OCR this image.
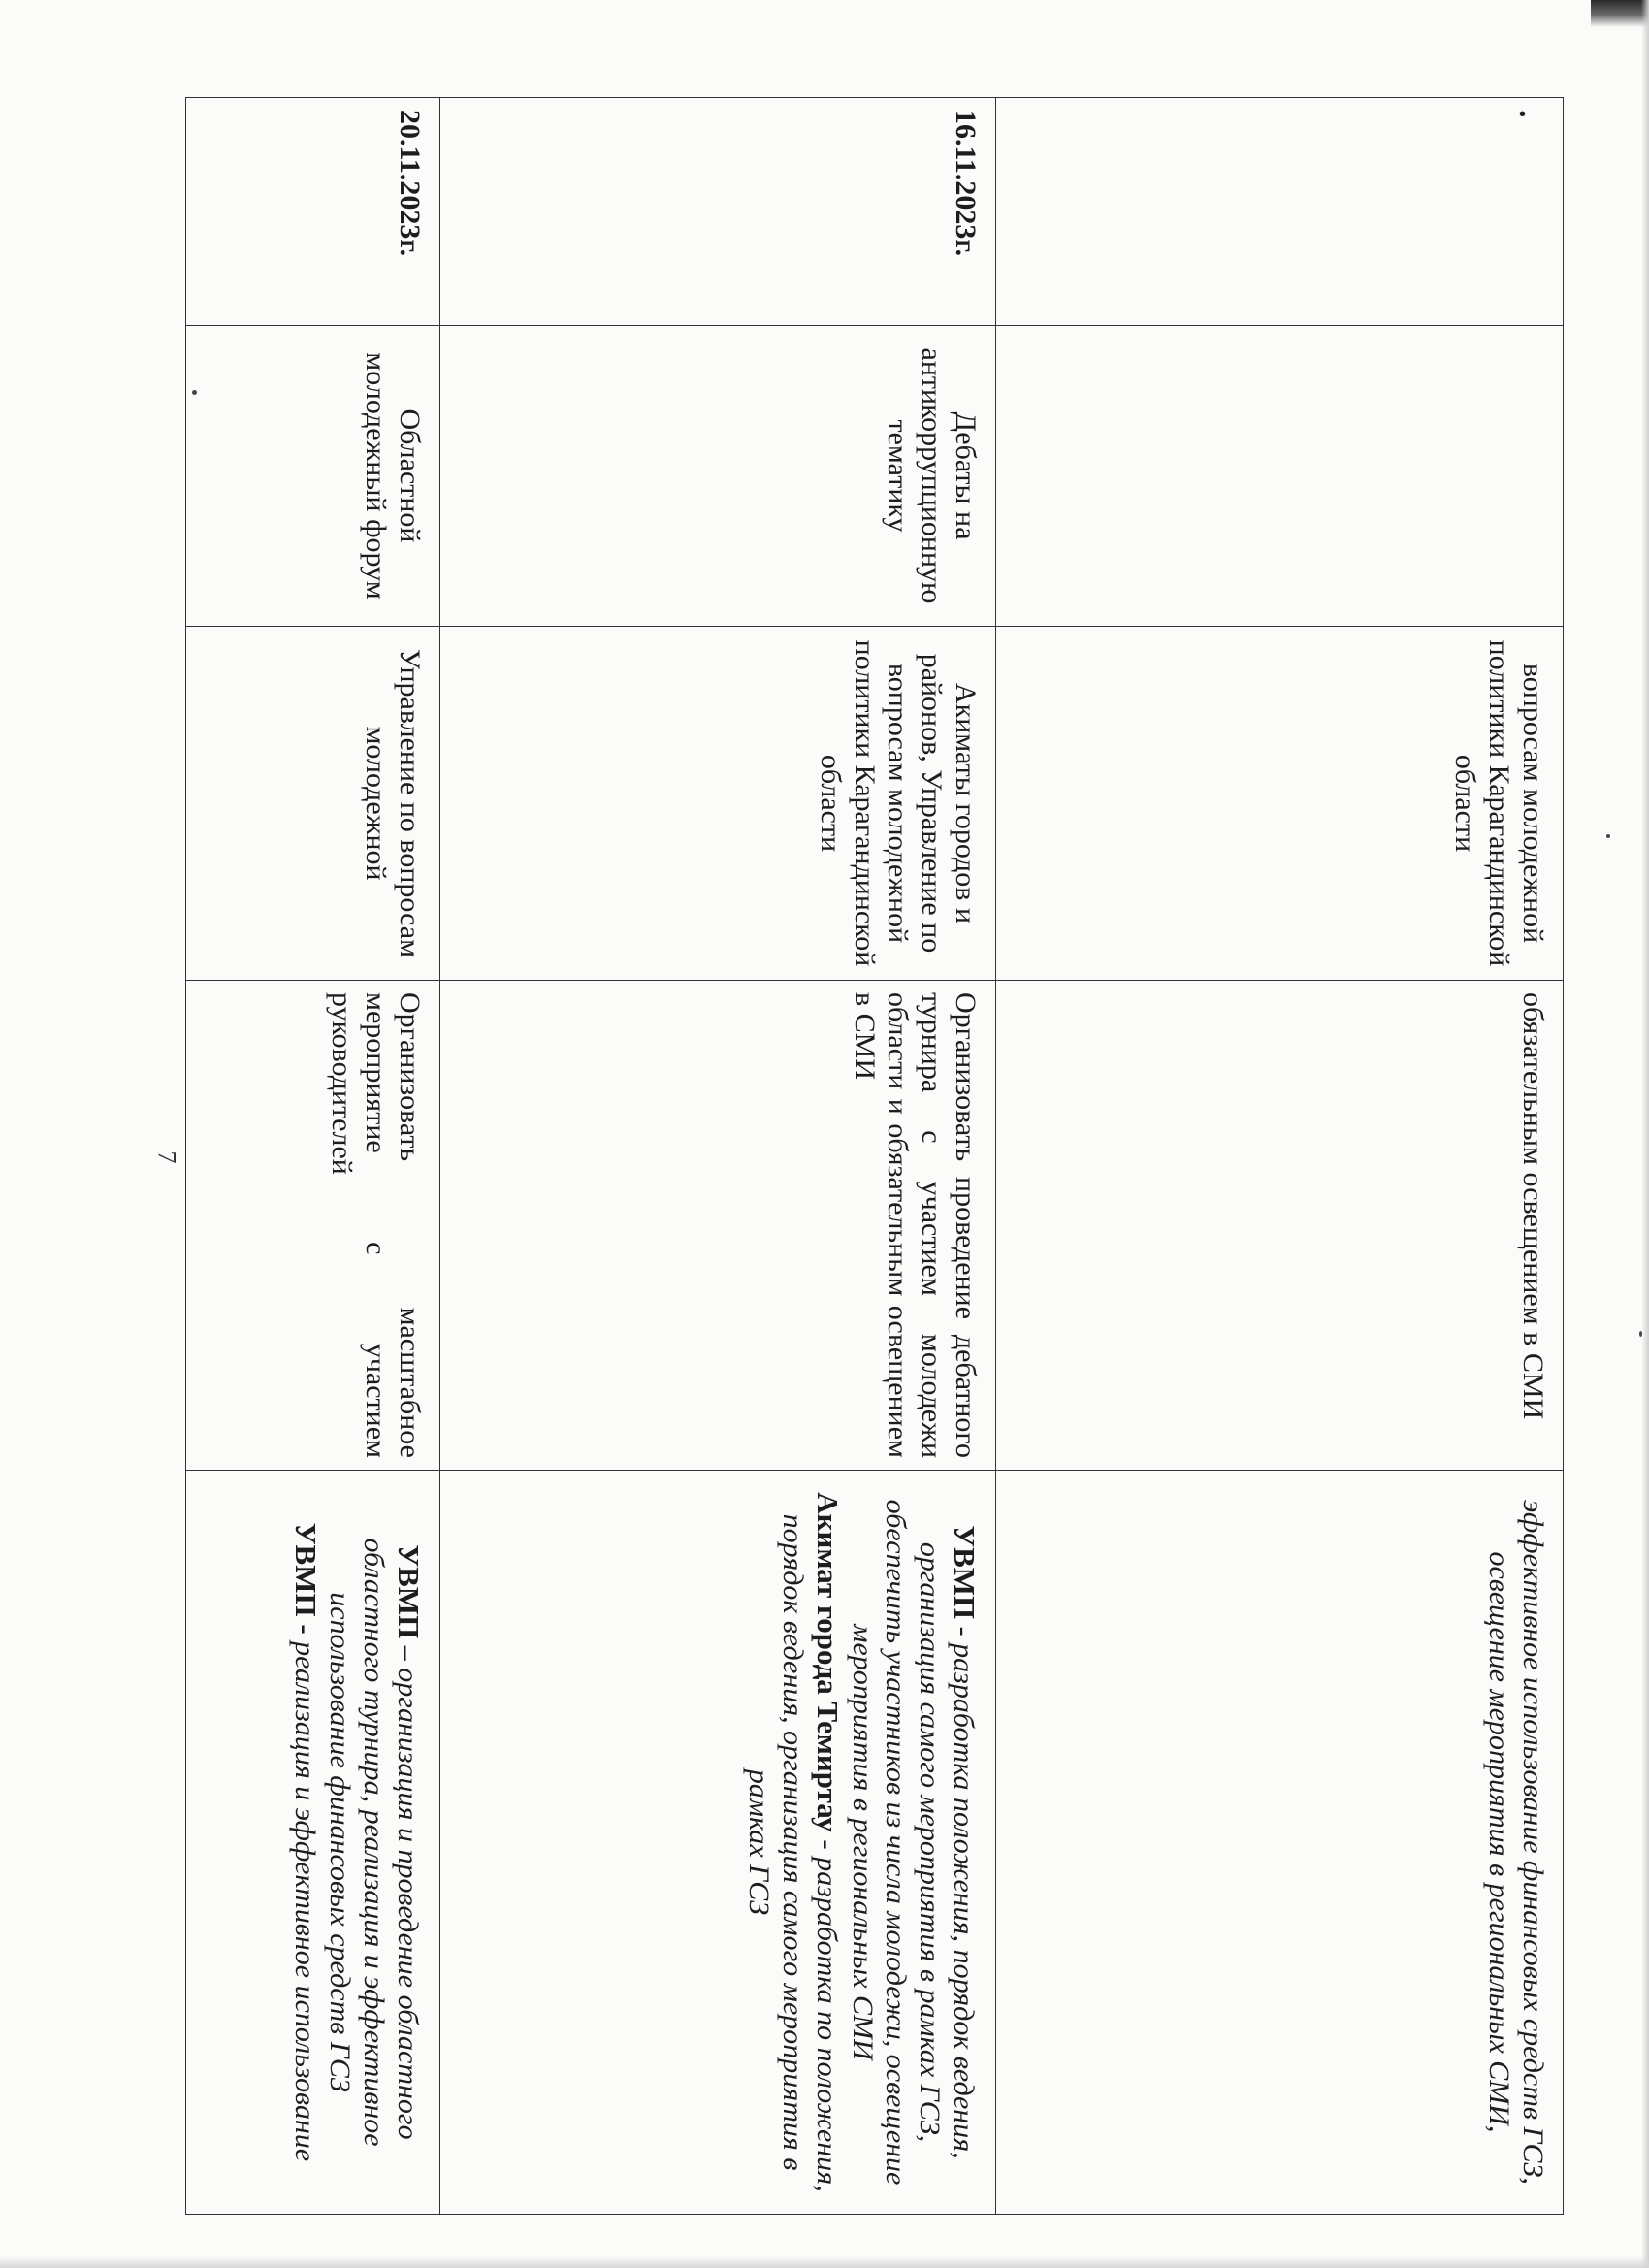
.		вопросам молодежной политики Карагандинской области	обязательным освещением в СМИ	эффективное использование финансовых средств ГСЗ, освещение мероприятия в региональных СМИ,
16.11.2023г.	Дебаты на антикоррупционную тематику	Акиматы городов и районов, Управление по вопросам молодежной политики Карагандинской области	Организовать проведение дебатного турнира с участием молодежи области и обязательным освещением в СМИ	УВМП - разработка положения, порядок ведения, организация самого мероприятия в рамках ГСЗ, обеспечить участников из числа молодежи, освещение мероприятия в региональных СМИ
Акимат города Темиртау - разработка по положения, порядок ведения, организация самого мероприятия в рамках ГСЗ
20.11.2023г.	Областной молодежный форум	Управление по вопросам молодежной	Организовать масштабное мероприятие с участием руководителей	УВМП – организация и проведение областного областного турнира, реализация и эффективное использование финансовых средств ГСЗ
УВМП - реализация и эффективное использование
7
